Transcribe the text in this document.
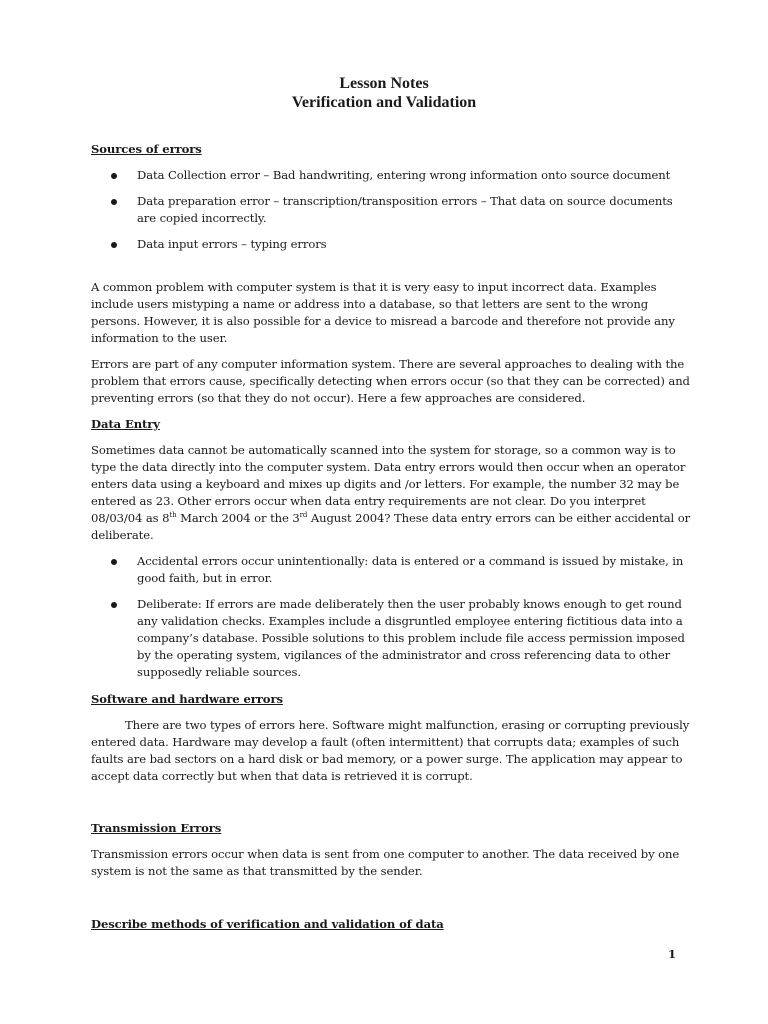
Lesson Notes
Verification and Validation

Sources of errors

Data Collection error – Bad handwriting, entering wrong information onto source document
Data preparation error – transcription/transposition errors – That data on source documents are copied incorrectly.
Data input errors – typing errors

A common problem with computer system is that it is very easy to input incorrect data. Examples include users mistyping a name or address into a database, so that letters are sent to the wrong persons. However, it is also possible for a device to misread a barcode and therefore not provide any information to the user.

Errors are part of any computer information system. There are several approaches to dealing with the problem that errors cause, specifically detecting when errors occur (so that they can be corrected) and preventing errors (so that they do not occur). Here a few approaches are considered.

Data Entry

Sometimes data cannot be automatically scanned into the system for storage, so a common way is to type the data directly into the computer system. Data entry errors would then occur when an operator enters data using a keyboard and mixes up digits and /or letters. For example, the number 32 may be entered as 23. Other errors occur when data entry requirements are not clear. Do you interpret 08/03/04 as 8th March 2004 or the 3rd August 2004? These data entry errors can be either accidental or deliberate.

Accidental errors occur unintentionally: data is entered or a command is issued by mistake, in good faith, but in error.
Deliberate: If errors are made deliberately then the user probably knows enough to get round any validation checks. Examples include a disgruntled employee entering fictitious data into a company’s database. Possible solutions to this problem include file access permission imposed by the operating system, vigilances of the administrator and cross referencing data to other supposedly reliable sources.

Software and hardware errors

There are two types of errors here. Software might malfunction, erasing or corrupting previously entered data. Hardware may develop a fault (often intermittent) that corrupts data; examples of such faults are bad sectors on a hard disk or bad memory, or a power surge. The application may appear to accept data correctly but when that data is retrieved it is corrupt.

Transmission Errors

Transmission errors occur when data is sent from one computer to another. The data received by one system is not the same as that transmitted by the sender.

Describe methods of verification and validation of data

1
